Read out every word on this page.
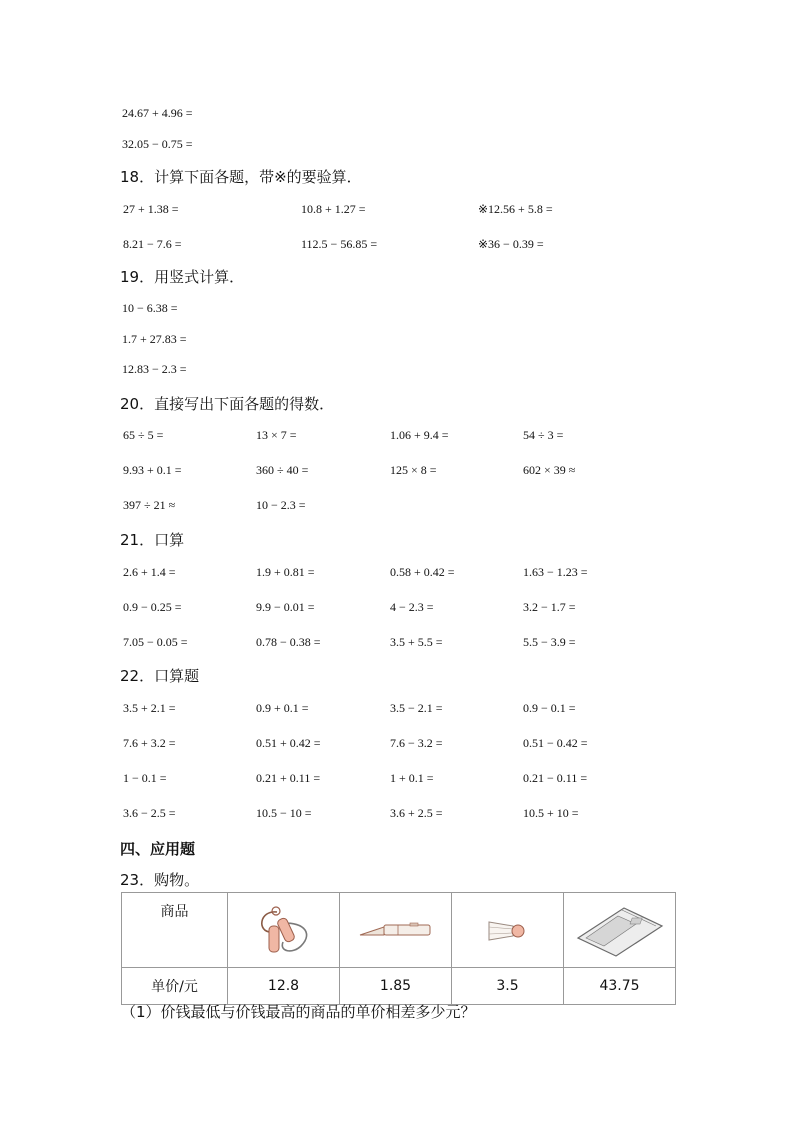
24.67 + 4.96 =
32.05 − 0.75 =
18．计算下面各题，带※的要验算．
27 + 1.38 =	10.8 + 1.27 =	※12.56 + 5.8 =
8.21 − 7.6 =	112.5 − 56.85 =	※36 − 0.39 =
19．用竖式计算．
10 − 6.38 =
1.7 + 27.83 =
12.83 − 2.3 =
20．直接写出下面各题的得数．
65 ÷ 5 =	13 × 7 =	1.06 + 9.4 =	54 ÷ 3 =
9.93 + 0.1 =	360 ÷ 40 =	125 × 8 =	602 × 39 ≈
397 ÷ 21 ≈	10 − 2.3 =
21．口算
2.6 + 1.4 =	1.9 + 0.81 =	0.58 + 0.42 =	1.63 − 1.23 =
0.9 − 0.25 =	9.9 − 0.01 =	4 − 2.3 =	3.2 − 1.7 =
7.05 − 0.05 =	0.78 − 0.38 =	3.5 + 5.5 =	5.5 − 3.9 =
22．口算题
3.5 + 2.1 =	0.9 + 0.1 =	3.5 − 2.1 =	0.9 − 0.1 =
7.6 + 3.2 =	0.51 + 0.42 =	7.6 − 3.2 =	0.51 − 0.42 =
1 − 0.1 =	0.21 + 0.11 =	1 + 0.1 =	0.21 − 0.11 =
3.6 − 2.5 =	10.5 − 10 =	3.6 + 2.5 =	10.5 + 10 =
四、应用题
23．购物。
商品	

单价/元	12.8	1.85	3.5	43.75
（1）价钱最低与价钱最高的商品的单价相差多少元？
